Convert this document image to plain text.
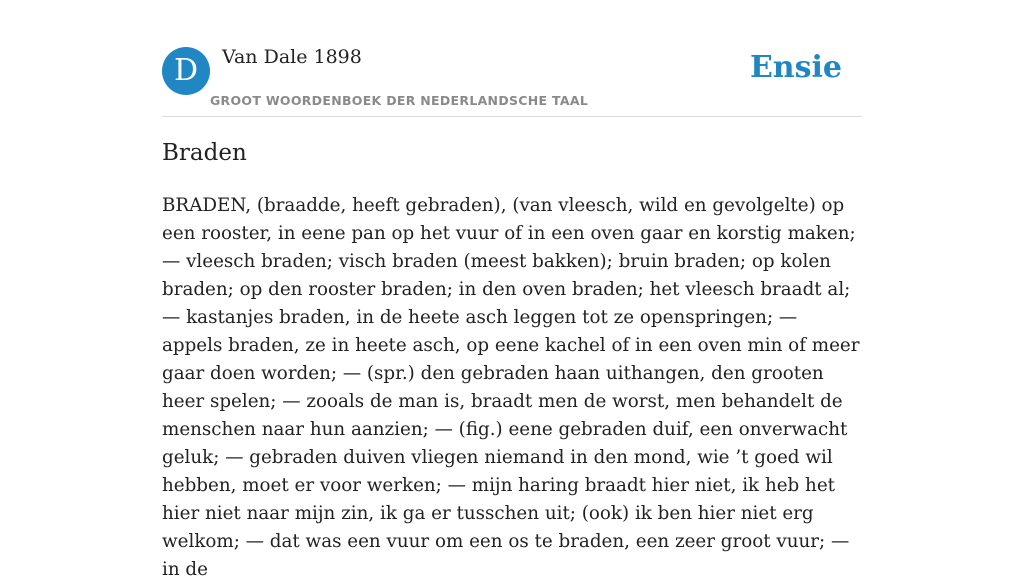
D	Van Dale 1898
GROOT WOORDENBOEK DER NEDERLANDSCHE TAAL
Ensie
Braden

BRADEN, (braadde, heeft gebraden), (van vleesch, wild en gevolgelte) op een rooster, in eene pan op het vuur of in een oven gaar en korstig maken; — vleesch braden; visch braden (meest bakken); bruin braden; op kolen braden; op den rooster braden; in den oven braden; het vleesch braadt al; — kastanjes braden, in de heete asch leggen tot ze openspringen; — appels braden, ze in heete asch, op eene kachel of in een oven min of meer gaar doen worden; — (spr.) den gebraden haan uithangen, den grooten heer spelen; — zooals de man is, braadt men de worst, men behandelt de menschen naar hun aanzien; — (fig.) eene gebraden duif, een onverwacht geluk; — gebraden duiven vliegen niemand in den mond, wie ’t goed wil hebben, moet er voor werken; — mijn haring braadt hier niet, ik heb het hier niet naar mijn zin, ik ga er tusschen uit; (ook) ik ben hier niet erg welkom; — dat was een vuur om een os te braden, een zeer groot vuur; — in de
